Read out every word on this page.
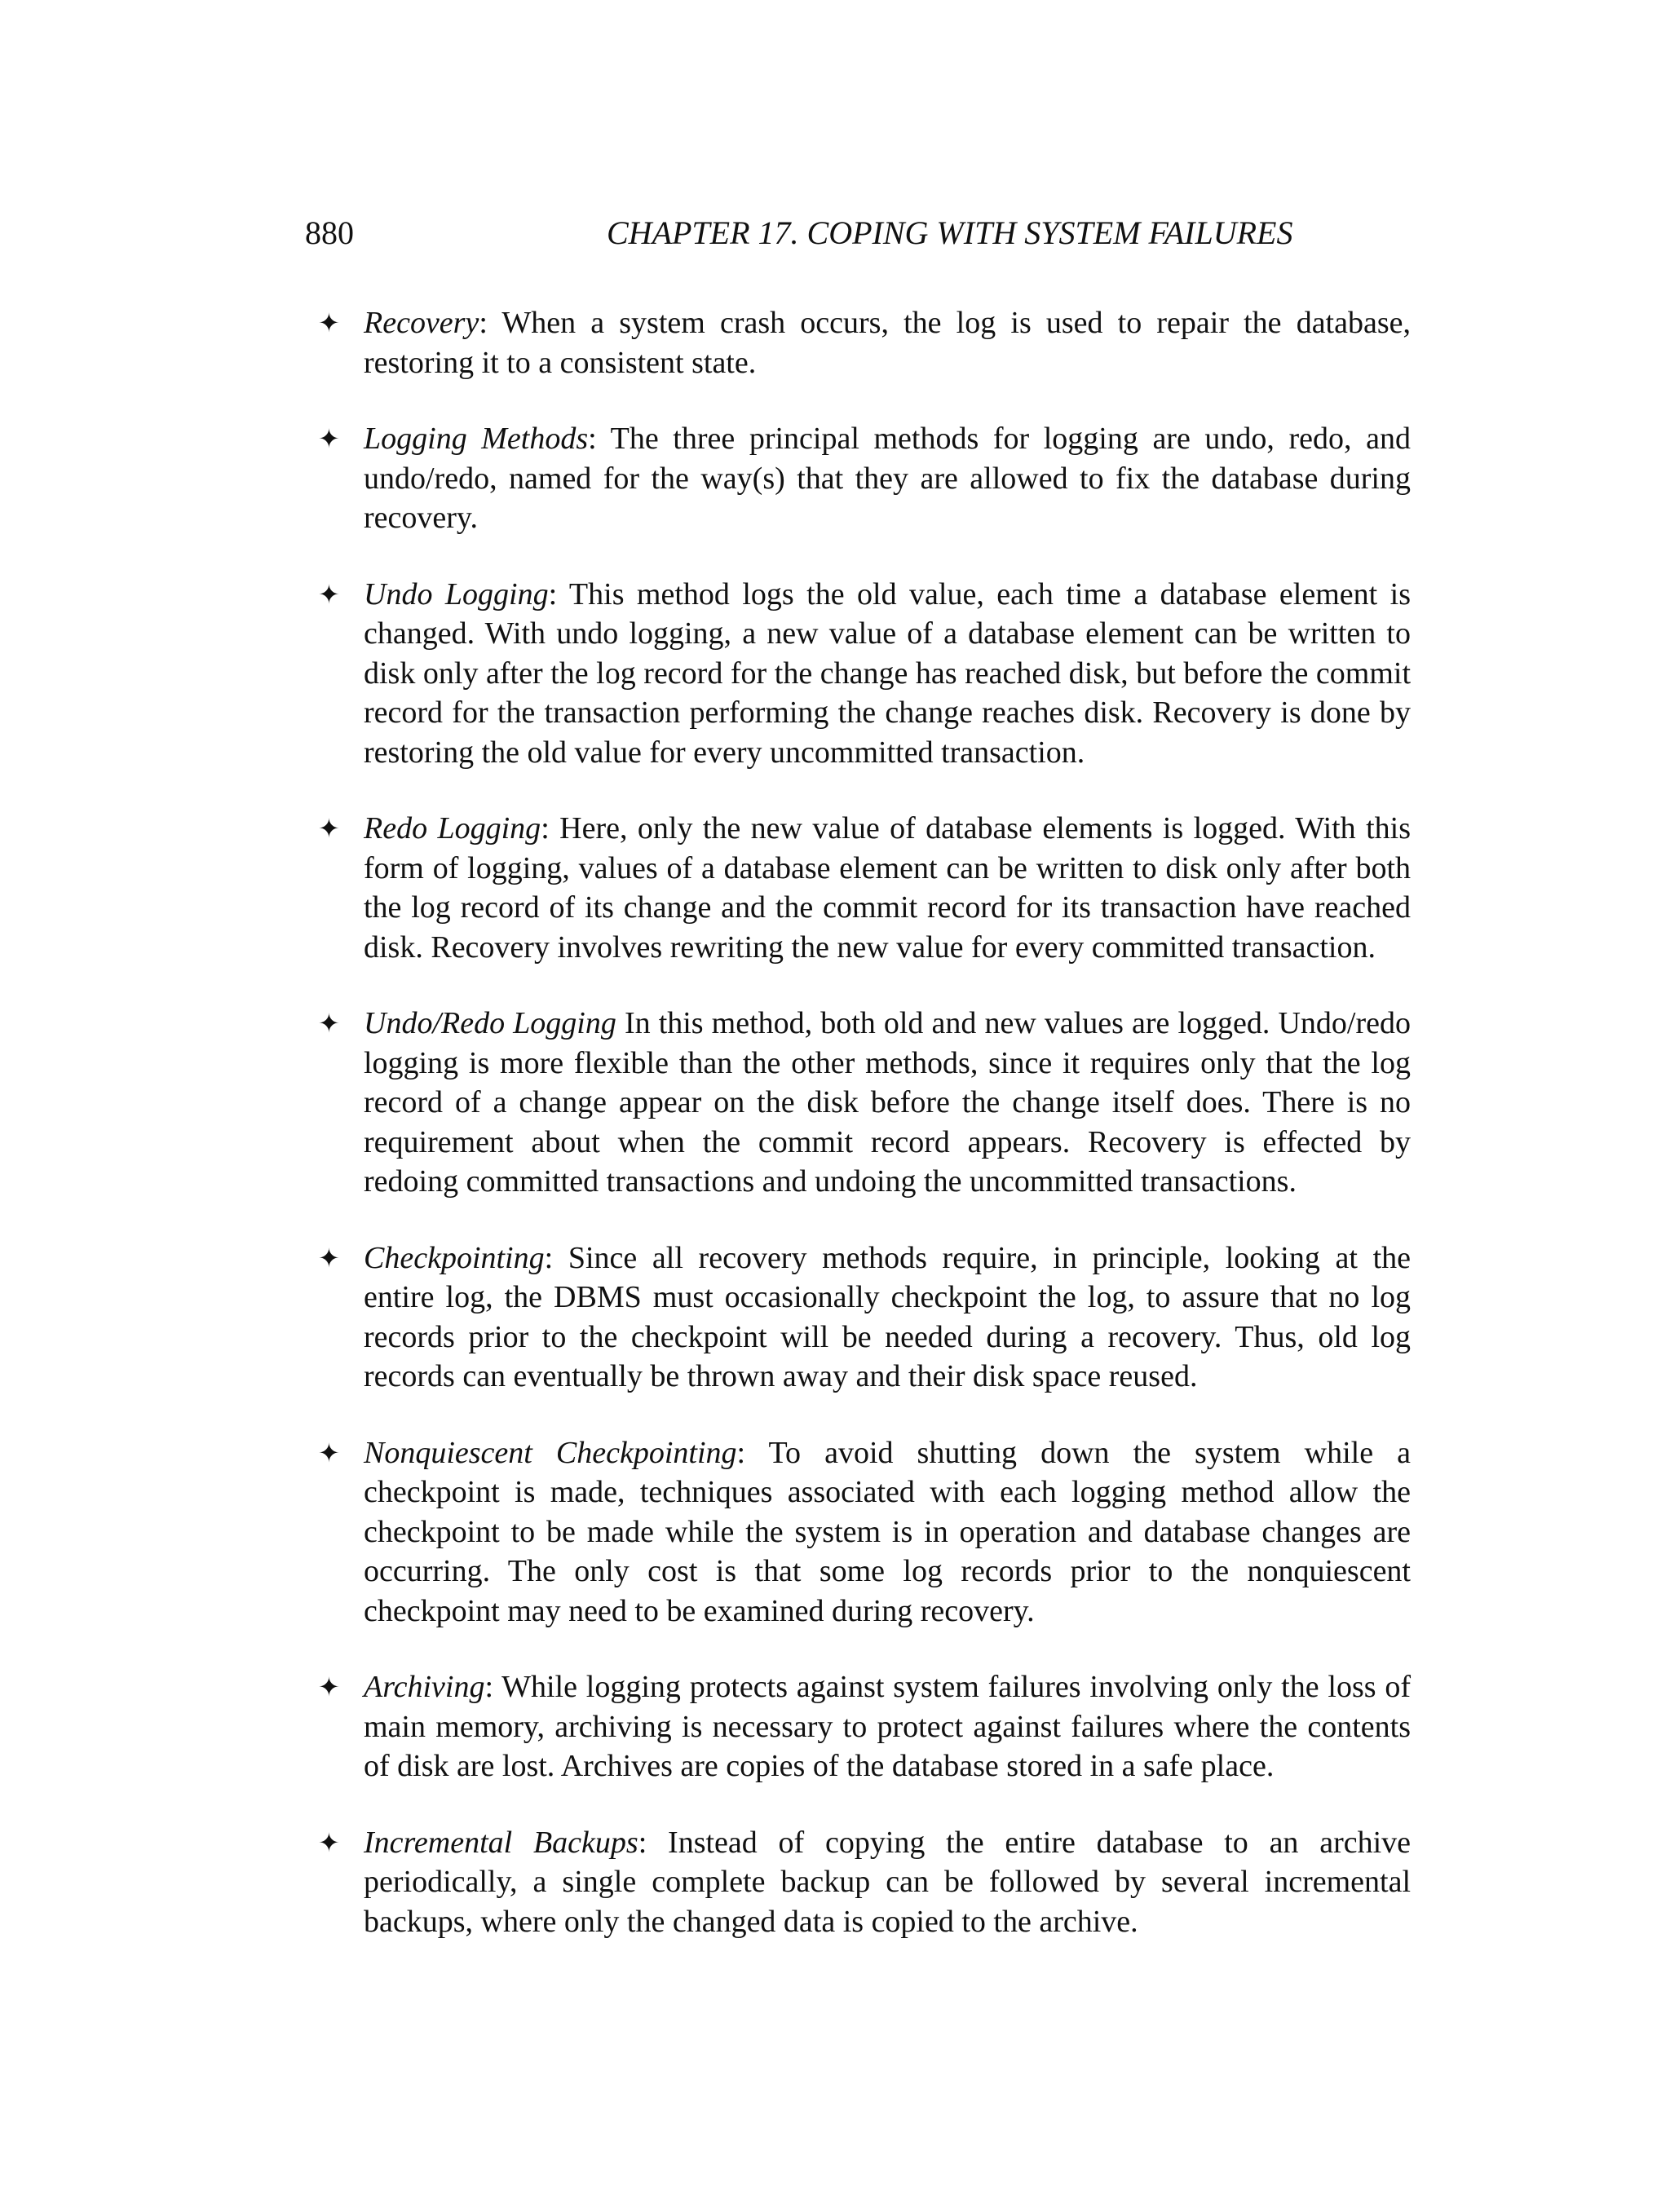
880	CHAPTER 17. COPING WITH SYSTEM FAILURES
✦ Recovery: When a system crash occurs, the log is used to repair the database, restoring it to a consistent state.
✦ Logging Methods: The three principal methods for logging are undo, redo, and undo/redo, named for the way(s) that they are allowed to fix the database during recovery.
✦ Undo Logging: This method logs the old value, each time a database element is changed. With undo logging, a new value of a database element can be written to disk only after the log record for the change has reached disk, but before the commit record for the transaction performing the change reaches disk. Recovery is done by restoring the old value for every uncommitted transaction.
✦ Redo Logging: Here, only the new value of database elements is logged. With this form of logging, values of a database element can be written to disk only after both the log record of its change and the commit record for its transaction have reached disk. Recovery involves rewriting the new value for every committed transaction.
✦ Undo/Redo Logging In this method, both old and new values are logged. Undo/redo logging is more flexible than the other methods, since it requires only that the log record of a change appear on the disk before the change itself does. There is no requirement about when the commit record appears. Recovery is effected by redoing committed transactions and undoing the uncommitted transactions.
✦ Checkpointing: Since all recovery methods require, in principle, looking at the entire log, the DBMS must occasionally checkpoint the log, to assure that no log records prior to the checkpoint will be needed during a recovery. Thus, old log records can eventually be thrown away and their disk space reused.
✦ Nonquiescent Checkpointing: To avoid shutting down the system while a checkpoint is made, techniques associated with each logging method allow the checkpoint to be made while the system is in operation and database changes are occurring. The only cost is that some log records prior to the nonquiescent checkpoint may need to be examined during recovery.
✦ Archiving: While logging protects against system failures involving only the loss of main memory, archiving is necessary to protect against failures where the contents of disk are lost. Archives are copies of the database stored in a safe place.
✦ Incremental Backups: Instead of copying the entire database to an archive periodically, a single complete backup can be followed by several incremental backups, where only the changed data is copied to the archive.
